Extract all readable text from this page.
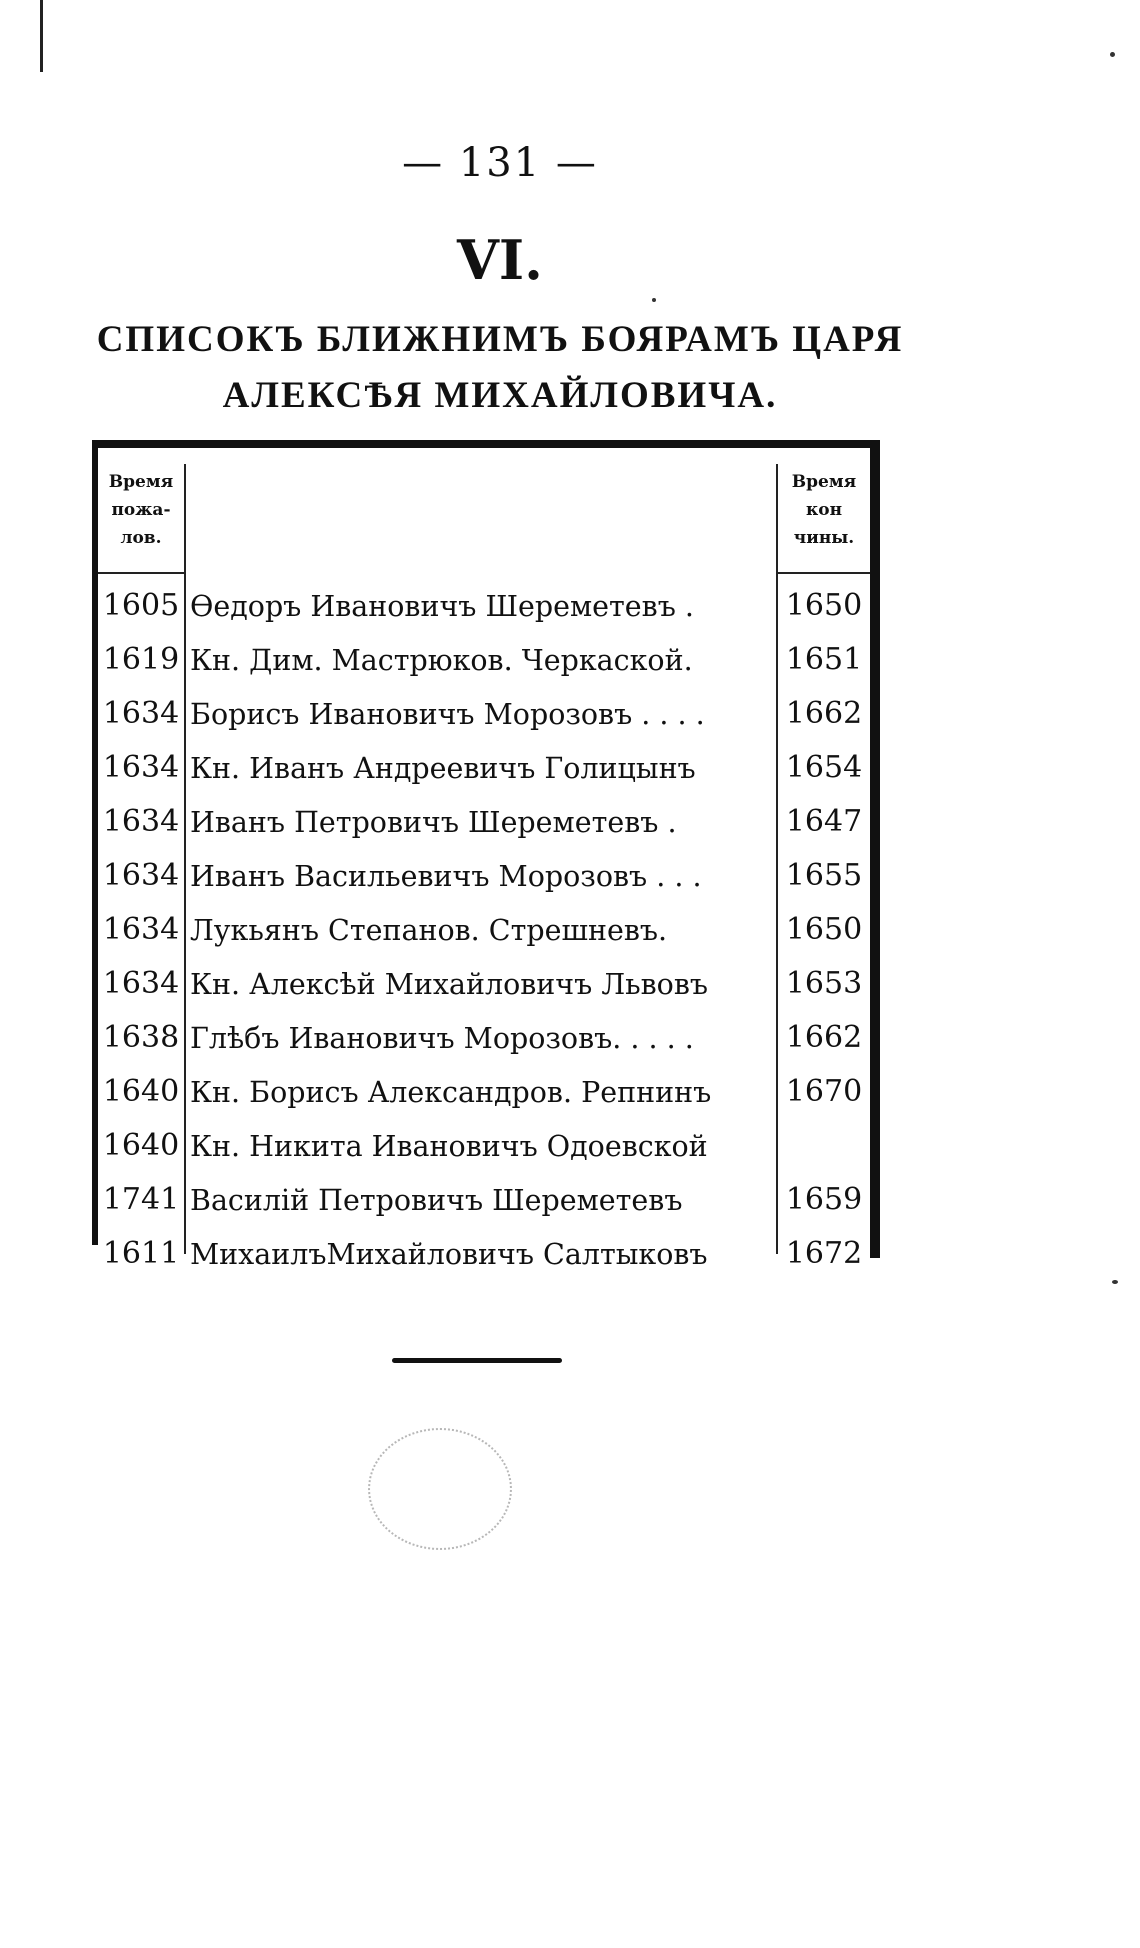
— 131 —
VI.
СПИСОКЪ БЛИЖНИМЪ БОЯРАМЪ ЦАРЯ
АЛЕКСѢЯ МИХАЙЛОВИЧА.
Время
пожа-
лов.
Время
кон
чины.
1605 Ѳедоръ Ивановичъ Шереметевъ .	1650
1619 Кн. Дим. Мастрюков. Черкаской.	1651
1634 Борисъ Ивановичъ Морозовъ . . . .	1662
1634 Кн. Иванъ Андреевичъ Голицынъ	1654
1634 Иванъ Петровичъ Шереметевъ .	1647
1634 Иванъ Васильевичъ Морозовъ . . .	1655
1634 Лукьянъ Степанов. Стрешневъ.	1650
1634 Кн. Алексѣй Михайловичъ Львовъ	1653
1638 Глѣбъ Ивановичъ Морозовъ. . . . .	1662
1640 Кн. Борисъ Александров. Репнинъ	1670
1640 Кн. Никита Ивановичъ Одоевской
1741 Василій Петровичъ Шереметевъ	1659
1611 МихаилъМихайловичъ Салтыковъ	1672
